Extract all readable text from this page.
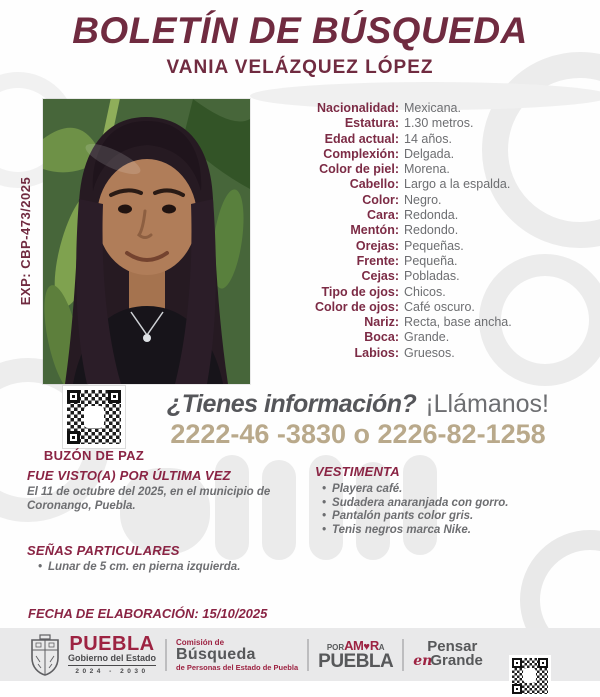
BOLETÍN DE BÚSQUEDA
VANIA VELÁZQUEZ LÓPEZ
EXP: CBP-473/2025
Nacionalidad: Mexicana.
Estatura: 1.30 metros.
Edad actual: 14 años.
Complexión: Delgada.
Color de piel: Morena.
Cabello: Largo a la espalda.
Color: Negro.
Cara: Redonda.
Mentón: Redondo.
Orejas: Pequeñas.
Frente: Pequeña.
Cejas: Pobladas.
Tipo de ojos: Chicos.
Color de ojos: Café oscuro.
Nariz: Recta, base ancha.
Boca: Grande.
Labios: Gruesos.
BUZÓN DE PAZ
¿Tienes información? ¡Llámanos!
2222-46 -3830 o 2226-82-1258
FUE VISTO(A) POR ÚLTIMA VEZ
El 11 de octubre del 2025, en el municipio de Coronango, Puebla.
VESTIMENTA
• Playera café.
• Sudadera anaranjada con gorro.
• Pantalón pants color gris.
• Tenis negros marca Nike.
SEÑAS PARTICULARES
• Lunar de 5 cm. en pierna izquierda.
FECHA DE ELABORACIÓN: 15/10/2025
PUEBLA
Gobierno del Estado
2024 - 2030
Comisión de
Búsqueda
de Personas del Estado de Puebla
PORAM♥RA
PUEBLA
Pensar
enGrande
